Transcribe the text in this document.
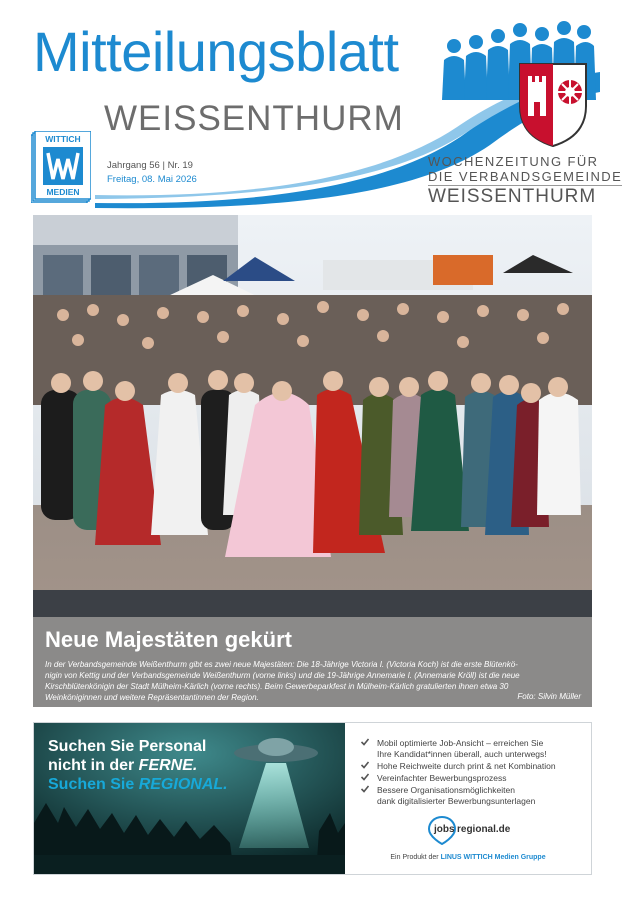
Mitteilungsblatt
WEISSENTHURM
WITTICH
MEDIEN
Jahrgang 56 | Nr. 19
Freitag, 08. Mai 2026
WOCHENZEITUNG FÜR
DIE VERBANDSGEMEINDE
WEISSENTHURM
Neue Majestäten gekürt

In der Verbandsgemeinde Weißenthurm gibt es zwei neue Majestäten: Die 18-Jährige Victoria I. (Victoria Koch) ist die erste Blütenkö-

nigin von Kettig und der Verbandsgemeinde Weißenthurm (vorne links) und die 19-Jährige Annemarie I. (Annemarie Kröll) ist die neue

Kirschblütenkönigin der Stadt Mülheim-Kärlich (vorne rechts). Beim Gewerbeparkfest in Mülheim-Kärlich gratulierten ihnen etwa 30

Weinköniginnen und weitere Repräsentantinnen der Region.	Foto: Silvin Müller
Suchen Sie Personal
nicht in der FERNE.
Suchen Sie REGIONAL.
Mobil optimierte Job-Ansicht – erreichen Sie
Ihre Kandidat*innen überall, auch unterwegs!
Hohe Reichweite durch print & net Kombination
Vereinfachter Bewerbungsprozess
Bessere Organisationsmöglichkeiten
dank digitalisierter Bewerbungsunterlagen
jobs regional.de
Ein Produkt der LINUS WITTICH Medien Gruppe
